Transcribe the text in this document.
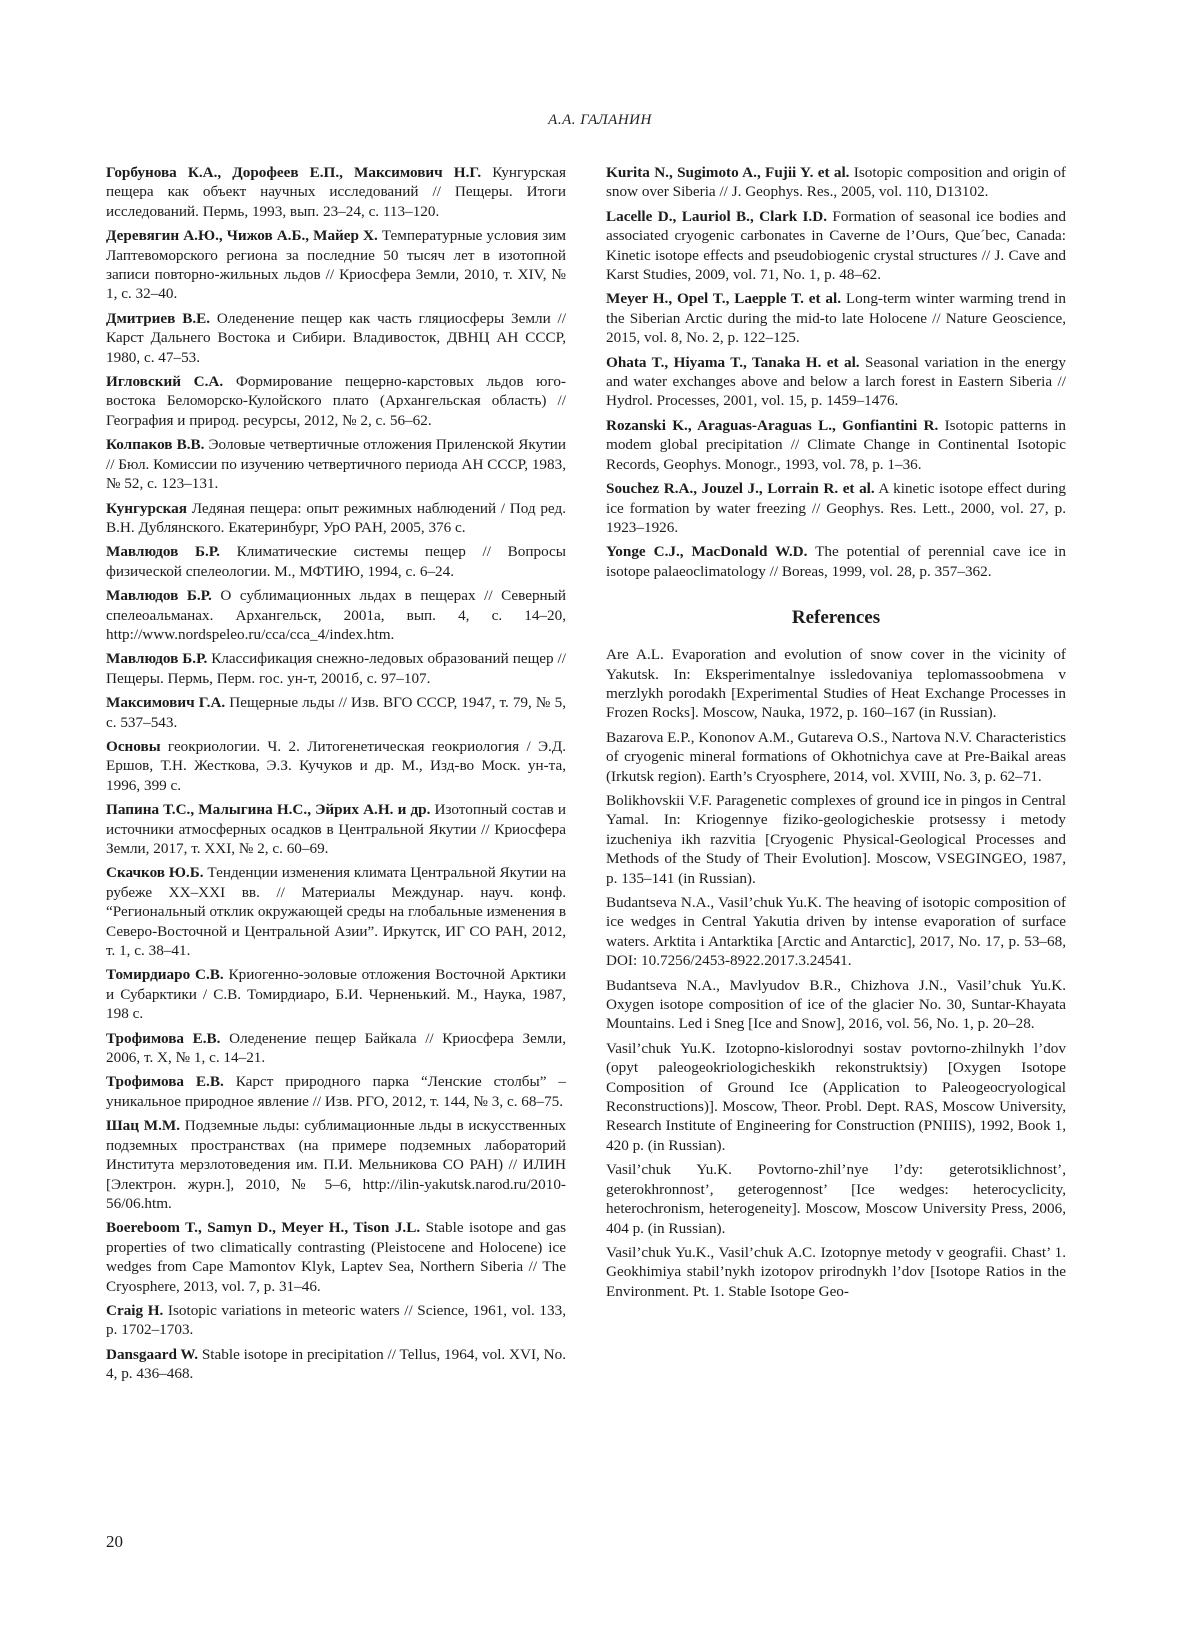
А.А. ГАЛАНИН

Горбунова К.А., Дорофеев Е.П., Максимович Н.Г. Кунгурская пещера как объект научных исследований // Пещеры. Итоги исследований. Пермь, 1993, вып. 23–24, с. 113–120.

Деревягин А.Ю., Чижов А.Б., Майер Х. Температурные условия зим Лаптевоморского региона за последние 50 тысяч лет в изотопной записи повторно-жильных льдов // Криосфера Земли, 2010, т. XIV, № 1, с. 32–40.

Дмитриев В.Е. Оледенение пещер как часть гляциосферы Земли // Карст Дальнего Востока и Сибири. Владивосток, ДВНЦ АН СССР, 1980, с. 47–53.

Игловский С.А. Формирование пещерно-карстовых льдов юго-востока Беломорско-Кулойского плато (Архангельская область) // География и природ. ресурсы, 2012, № 2, с. 56–62.

Колпаков В.В. Эоловые четвертичные отложения Приленской Якутии // Бюл. Комиссии по изучению четвертичного периода АН СССР, 1983, № 52, с. 123–131.

Кунгурская Ледяная пещера: опыт режимных наблюдений / Под ред. В.Н. Дублянского. Екатеринбург, УрО РАН, 2005, 376 с.

Мавлюдов Б.Р. Климатические системы пещер // Вопросы физической спелеологии. М., МФТИЮ, 1994, с. 6–24.

Мавлюдов Б.Р. О сублимационных льдах в пещерах // Северный спелеоальманах. Архангельск, 2001а, вып. 4, с. 14–20, http://www.nordspeleo.ru/cca/cca_4/index.htm.

Мавлюдов Б.Р. Классификация снежно-ледовых образований пещер // Пещеры. Пермь, Перм. гос. ун-т, 2001б, с. 97–107.

Максимович Г.А. Пещерные льды // Изв. ВГО СССР, 1947, т. 79, № 5, с. 537–543.

Основы геокриологии. Ч. 2. Литогенетическая геокриология / Э.Д. Ершов, Т.Н. Жесткова, Э.З. Кучуков и др. М., Изд-во Моск. ун-та, 1996, 399 с.

Папина Т.С., Малыгина Н.С., Эйрих А.Н. и др. Изотопный состав и источники атмосферных осадков в Центральной Якутии // Криосфера Земли, 2017, т. XXI, № 2, с. 60–69.

Скачков Ю.Б. Тенденции изменения климата Центральной Якутии на рубеже XX–XXI вв. // Материалы Междунар. науч. конф. “Региональный отклик окружающей среды на глобальные изменения в Северо-Восточной и Центральной Азии”. Иркутск, ИГ СО РАН, 2012, т. 1, с. 38–41.

Томирдиаро С.В. Криогенно-эоловые отложения Восточной Арктики и Субарктики / С.В. Томирдиаро, Б.И. Черненький. М., Наука, 1987, 198 с.

Трофимова Е.В. Оледенение пещер Байкала // Криосфера Земли, 2006, т. X, № 1, с. 14–21.

Трофимова Е.В. Карст природного парка “Ленские столбы” – уникальное природное явление // Изв. РГО, 2012, т. 144, № 3, с. 68–75.

Шац М.М. Подземные льды: сублимационные льды в искусственных подземных пространствах (на примере подземных лабораторий Института мерзлотоведения им. П.И. Мельникова СО РАН) // ИЛИН [Электрон. журн.], 2010, № 5–6, http://ilin-yakutsk.narod.ru/2010-56/06.htm.

Boereboom T., Samyn D., Meyer H., Tison J.L. Stable isotope and gas properties of two climatically contrasting (Pleistocene and Holocene) ice wedges from Cape Mamontov Klyk, Laptev Sea, Northern Siberia // The Cryosphere, 2013, vol. 7, p. 31–46.

Craig H. Isotopic variations in meteoric waters // Science, 1961, vol. 133, p. 1702–1703.

Dansgaard W. Stable isotope in precipitation // Tellus, 1964, vol. XVI, No. 4, p. 436–468.

Kurita N., Sugimoto A., Fujii Y. et al. Isotopic composition and origin of snow over Siberia // J. Geophys. Res., 2005, vol. 110, D13102.

Lacelle D., Lauriol B., Clark I.D. Formation of seasonal ice bodies and associated cryogenic carbonates in Caverne de l’Ours, Que´bec, Canada: Kinetic isotope effects and pseudobiogenic crystal structures // J. Cave and Karst Studies, 2009, vol. 71, No. 1, p. 48–62.

Meyer H., Opel T., Laepple T. et al. Long-term winter warming trend in the Siberian Arctic during the mid-to late Holocene // Nature Geoscience, 2015, vol. 8, No. 2, p. 122–125.

Ohata T., Hiyama T., Tanaka H. et al. Seasonal variation in the energy and water exchanges above and below a larch forest in Eastern Siberia // Hydrol. Processes, 2001, vol. 15, p. 1459–1476.

Rozanski K., Araguas-Araguas L., Gonfiantini R. Isotopic patterns in modem global precipitation // Climate Change in Continental Isotopic Records, Geophys. Monogr., 1993, vol. 78, p. 1–36.

Souchez R.A., Jouzel J., Lorrain R. et al. A kinetic isotope effect during ice formation by water freezing // Geophys. Res. Lett., 2000, vol. 27, p. 1923–1926.

Yonge C.J., MacDonald W.D. The potential of perennial cave ice in isotope palaeoclimatology // Boreas, 1999, vol. 28, p. 357–362.

References

Are A.L. Evaporation and evolution of snow cover in the vicinity of Yakutsk. In: Eksperimentalnye issledovaniya teplomassoobmena v merzlykh porodakh [Experimental Studies of Heat Exchange Processes in Frozen Rocks]. Moscow, Nauka, 1972, p. 160–167 (in Russian).

Bazarova E.P., Kononov A.M., Gutareva O.S., Nartova N.V. Characteristics of cryogenic mineral formations of Okhotnichya cave at Pre-Baikal areas (Irkutsk region). Earth’s Cryosphere, 2014, vol. XVIII, No. 3, p. 62–71.

Bolikhovskii V.F. Paragenetic complexes of ground ice in pingos in Central Yamal. In: Kriogennye fiziko-geologicheskie protsessy i metody izucheniya ikh razvitia [Cryogenic Physical-Geological Processes and Methods of the Study of Their Evolution]. Moscow, VSEGINGEO, 1987, p. 135–141 (in Russian).

Budantseva N.A., Vasil’chuk Yu.K. The heaving of isotopic composition of ice wedges in Central Yakutia driven by intense evaporation of surface waters. Arktita i Antarktika [Arctic and Antarctic], 2017, No. 17, p. 53–68, DOI: 10.7256/2453-8922.2017.3.24541.

Budantseva N.A., Mavlyudov B.R., Chizhova J.N., Vasil’chuk Yu.K. Oxygen isotope composition of ice of the glacier No. 30, Suntar-Khayata Mountains. Led i Sneg [Ice and Snow], 2016, vol. 56, No. 1, p. 20–28.

Vasil’chuk Yu.K. Izotopno-kislorodnyi sostav povtorno-zhilnykh l’dov (opyt paleogeokriologicheskikh rekonstruktsiy) [Oxygen Isotope Composition of Ground Ice (Application to Paleogeocryological Reconstructions)]. Moscow, Theor. Probl. Dept. RAS, Moscow University, Research Institute of Engineering for Construction (PNIIIS), 1992, Book 1, 420 p. (in Russian).

Vasil’chuk Yu.K. Povtorno-zhil’nye l’dy: geterotsiklichnost’, geterokhronnost’, geterogennost’ [Ice wedges: heterocyclicity, heterochronism, heterogeneity]. Moscow, Moscow University Press, 2006, 404 p. (in Russian).

Vasil’chuk Yu.K., Vasil’chuk A.C. Izotopnye metody v geografii. Chast’ 1. Geokhimiya stabil’nykh izotopov prirodnykh l’dov [Isotope Ratios in the Environment. Pt. 1. Stable Isotope Geo-

20
